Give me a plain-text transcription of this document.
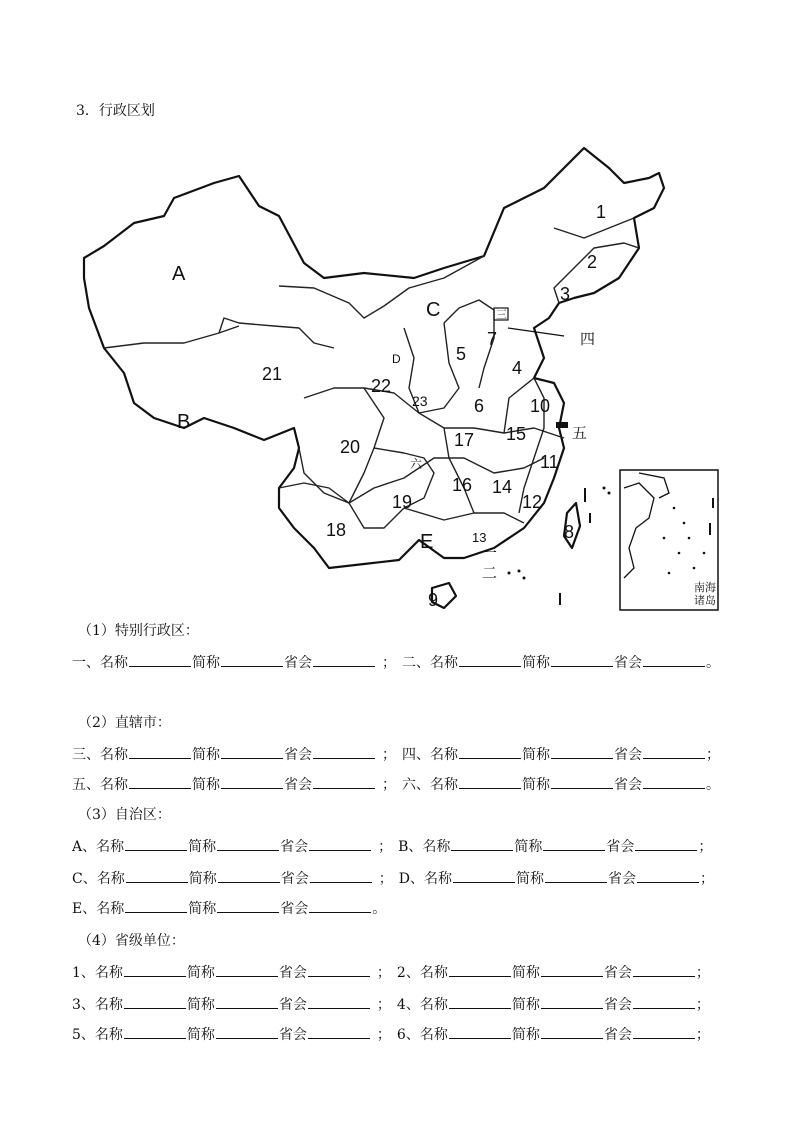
3．行政区划
南海
诸岛
A
B
C
D
E
1
2
3
4
5
6
7
8
9
10
11
12
13
14
15
16
17
18
19
20
21
22
23
一
二
四
五
六
三
（1）特别行政区：
一、名称	简称	省会	； 二、名称	简称	省会	。
（2）直辖市：
三、名称	简称	省会	； 四、名称	简称	省会	；
五、名称	简称	省会	； 六、名称	简称	省会	。
（3）自治区：
A、名称	简称	省会	； B、名称	简称	省会	；
C、名称	简称	省会	； D、名称	简称	省会	；
E、名称	简称	省会	。
（4）省级单位：
1、名称	简称	省会	； 2、名称	简称	省会	；
3、名称	简称	省会	； 4、名称	简称	省会	；
5、名称	简称	省会	； 6、名称	简称	省会	；
